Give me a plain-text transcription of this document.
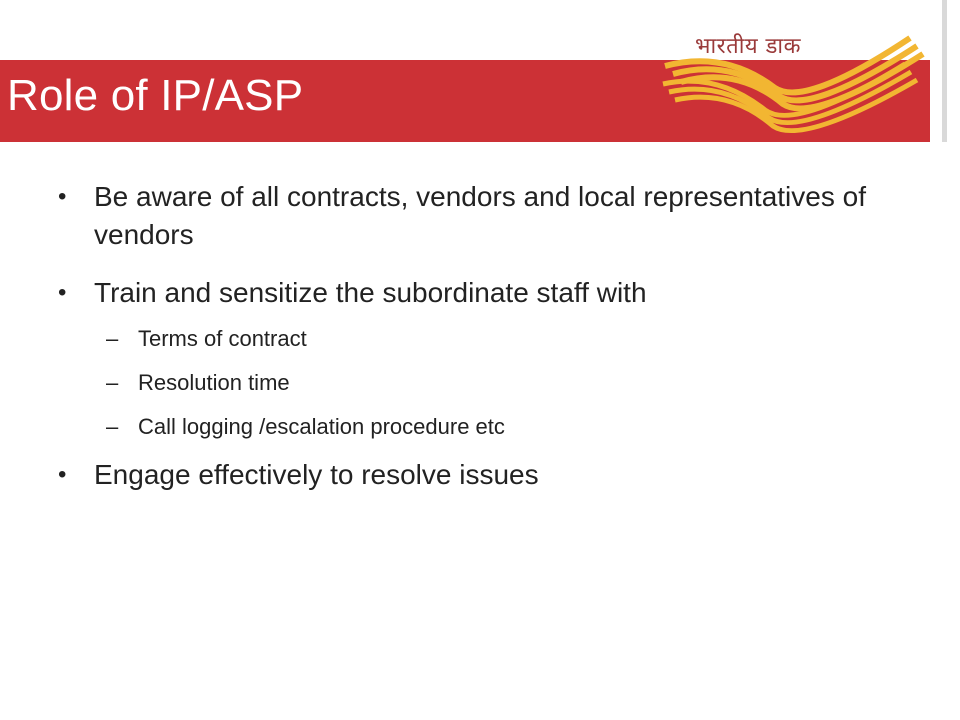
Role of IP/ASP
भारतीय डाक
• Be aware of all contracts, vendors and local representatives of vendors
• Train and sensitize the subordinate staff with
– Terms of contract
– Resolution time
– Call logging /escalation procedure etc
• Engage effectively to resolve issues
